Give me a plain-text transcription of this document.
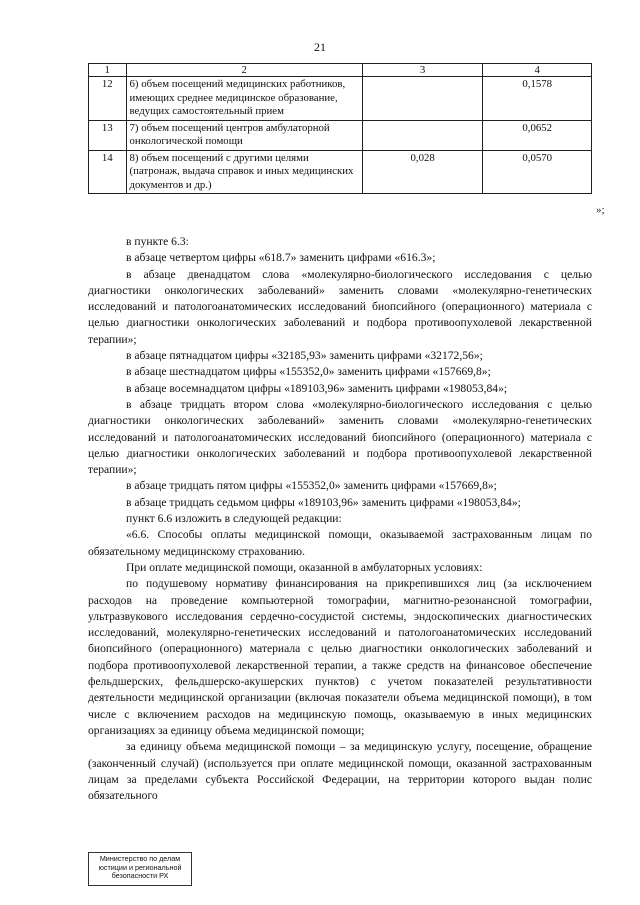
21
1	2	3	4
12	6) объем посещений медицинских работников, имеющих среднее медицинское образование, ведущих самостоятельный прием		0,1578
13	7) объем посещений центров амбулаторной онкологической помощи		0,0652
14	8) объем посещений с другими целями (патронаж, выдача справок и иных медицинских документов и др.)	0,028	0,0570
»;

в пункте 6.3:

в абзаце четвертом цифры «618.7» заменить цифрами «616.3»;

в абзаце двенадцатом слова «молекулярно-биологического исследования с целью диагностики онкологических заболеваний» заменить словами «молекулярно-генетических исследований и патологоанатомических исследований биопсийного (операционного) материала с целью диагностики онкологических заболеваний и подбора противоопухолевой лекарственной терапии»;

в абзаце пятнадцатом цифры «32185,93» заменить цифрами «32172,56»;

в абзаце шестнадцатом цифры «155352,0» заменить цифрами «157669,8»;

в абзаце восемнадцатом цифры «189103,96» заменить цифрами «198053,84»;

в абзаце тридцать втором слова «молекулярно-биологического исследования с целью диагностики онкологических заболеваний» заменить словами «молекулярно-генетических исследований и патологоанатомических исследований биопсийного (операционного) материала с целью диагностики онкологических заболеваний и подбора противоопухолевой лекарственной терапии»;

в абзаце тридцать пятом цифры «155352,0» заменить цифрами «157669,8»;

в абзаце тридцать седьмом цифры «189103,96» заменить цифрами «198053,84»;

пункт 6.6 изложить в следующей редакции:

«6.6. Способы оплаты медицинской помощи, оказываемой застрахованным лицам по обязательному медицинскому страхованию.

При оплате медицинской помощи, оказанной в амбулаторных условиях:

по подушевому нормативу финансирования на прикрепившихся лиц (за исключением расходов на проведение компьютерной томографии, магнитно-резонансной томографии, ультразвукового исследования сердечно-сосудистой системы, эндоскопических диагностических исследований, молекулярно-генетических исследований и патологоанатомических исследований биопсийного (операционного) материала с целью диагностики онкологических заболеваний и подбора противоопухолевой лекарственной терапии, а также средств на финансовое обеспечение фельдшерских, фельдшерско-акушерских пунктов) с учетом показателей результативности деятельности медицинской организации (включая показатели объема медицинской помощи), в том числе с включением расходов на медицинскую помощь, оказываемую в иных медицинских организациях за единицу объема медицинской помощи;

за единицу объема медицинской помощи – за медицинскую услугу, посещение, обращение (законченный случай) (используется при оплате медицинской помощи, оказанной застрахованным лицам за пределами субъекта Российской Федерации, на территории которого выдан полис обязательного

Министерство по делам юстиции и региональной безопасности РХ
